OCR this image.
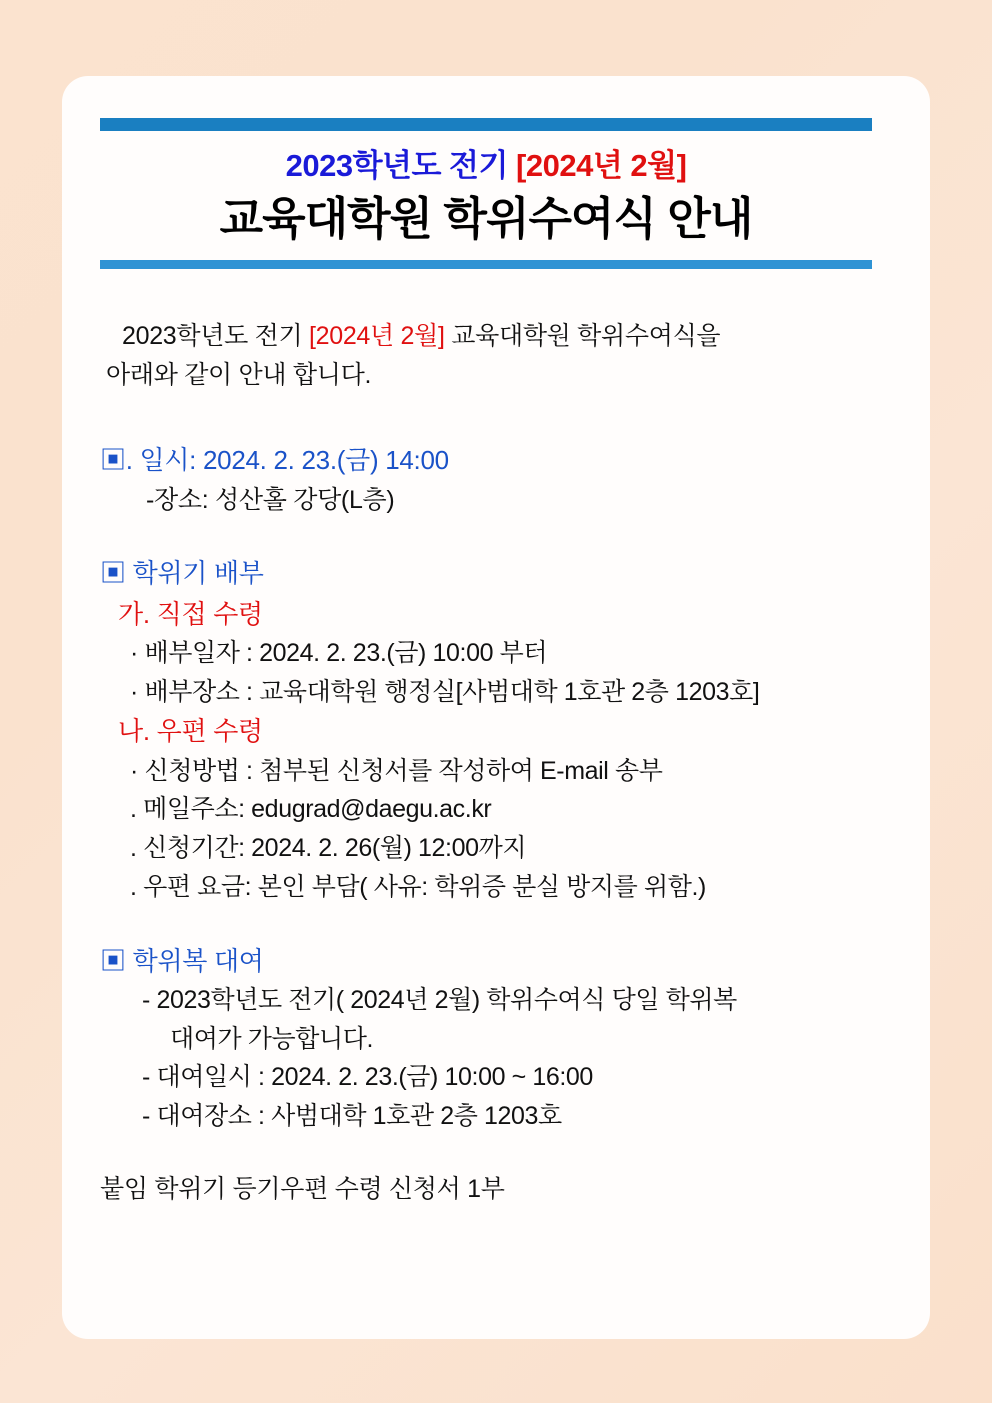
2023학년도 전기 [2024년 2월]
교육대학원 학위수여식 안내

2023학년도 전기 [2024년 2월] 교육대학원 학위수여식을

아래와 같이 안내 합니다.

▣. 일시: 2024. 2. 23.(금) 14:00
-장소: 성산홀 강당(L층)
▣ 학위기 배부
가. 직접 수령
· 배부일자 : 2024. 2. 23.(금) 10:00 부터
· 배부장소 : 교육대학원 행정실[사범대학 1호관 2층 1203호]
나. 우편 수령
· 신청방법 : 첨부된 신청서를 작성하여 E-mail 송부
. 메일주소: edugrad@daegu.ac.kr
. 신청기간: 2024. 2. 26(월) 12:00까지
. 우편 요금: 본인 부담( 사유: 학위증 분실 방지를 위함.)
▣ 학위복 대여
- 2023학년도 전기( 2024년 2월) 학위수여식 당일 학위복
대여가 가능합니다.
- 대여일시 : 2024. 2. 23.(금) 10:00 ~ 16:00
- 대여장소 : 사범대학 1호관 2층 1203호
붙임 학위기 등기우편 수령 신청서 1부
